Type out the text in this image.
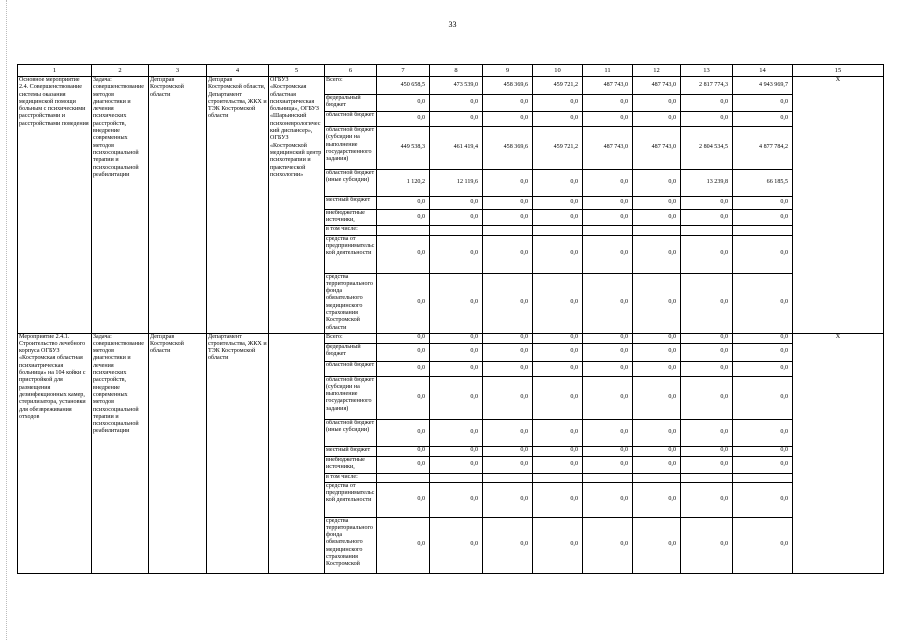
33
1	2	3	4	5	6	7	8	9	10	11	12	13	14	15
Основное мероприятие 2.4. Совершенствование системы оказания медицинской помощи больным с психическими расстройствами и расстройствами поведения	Задача: совершенствование методов диагностики и лечения психических расстройств, внедрение современных методов психосоциальной терапии и психосоциальной реабилитации	Депздрав Костромской области	Депздрав Костромской области, Департамент строительства, ЖКХ и ТЭК Костромской области	ОГБУЗ «Костромская областная психиатрическая больница», ОГБУЗ «Шарьинский психоневрологический диспансер», ОГБУЗ «Костромской медицинский центр психотерапии и практической психологии»	Всего:	450 658,5	473 539,0	458 369,6	459 721,2	487 743,0	487 743,0	2 817 774,3	4 943 969,7	Х
					федеральный бюджет	0,0	0,0	0,0	0,0	0,0	0,0	0,0	0,0	
					областной бюджет	0,0	0,0	0,0	0,0	0,0	0,0	0,0	0,0	
					областной бюджет (субсидии на выполнение государственного задания)	449 538,3	461 419,4	458 369,6	459 721,2	487 743,0	487 743,0	2 804 534,5	4 877 784,2	
					областной бюджет (иные субсидии)	1 120,2	12 119,6	0,0	0,0	0,0	0,0	13 239,8	66 185,5	
					местный бюджет	0,0	0,0	0,0	0,0	0,0	0,0	0,0	0,0	
					внебюджетные источники,	0,0	0,0	0,0	0,0	0,0	0,0	0,0	0,0	
					в том числе:									
					средства от предпринимательской деятельности	0,0	0,0	0,0	0,0	0,0	0,0	0,0	0,0	
					средства территориального фонда обязательного медицинского страхования Костромской области	0,0	0,0	0,0	0,0	0,0	0,0	0,0	0,0	
Мероприятие 2.4.1. Строительство лечебного корпуса ОГБУЗ «Костромская областная психиатрическая больница» на 104 койки с пристройкой для размещения дезинфекционных камер, стерилизатора, установки для обезвреживания отходов	Задача: совершенствование методов диагностики и лечения психических расстройств, внедрение современных методов психосоциальной терапии и психосоциальной реабилитации	Депздрав Костромской области	Департамент строительства, ЖКХ и ТЭК Костромской области		Всего:	0,0	0,0	0,0	0,0	0,0	0,0	0,0	0,0	Х
					федеральный бюджет	0,0	0,0	0,0	0,0	0,0	0,0	0,0	0,0	
					областной бюджет	0,0	0,0	0,0	0,0	0,0	0,0	0,0	0,0	
					областной бюджет (субсидии на выполнение государственного задания)	0,0	0,0	0,0	0,0	0,0	0,0	0,0	0,0	
					областной бюджет (иные субсидии)	0,0	0,0	0,0	0,0	0,0	0,0	0,0	0,0	
					местный бюджет	0,0	0,0	0,0	0,0	0,0	0,0	0,0	0,0	
					внебюджетные источники,	0,0	0,0	0,0	0,0	0,0	0,0	0,0	0,0	
					в том числе:									
					средства от предпринимательской деятельности	0,0	0,0	0,0	0,0	0,0	0,0	0,0	0,0	
					средства территориального фонда обязательного медицинского страхования Костромской	0,0	0,0	0,0	0,0	0,0	0,0	0,0	0,0	
